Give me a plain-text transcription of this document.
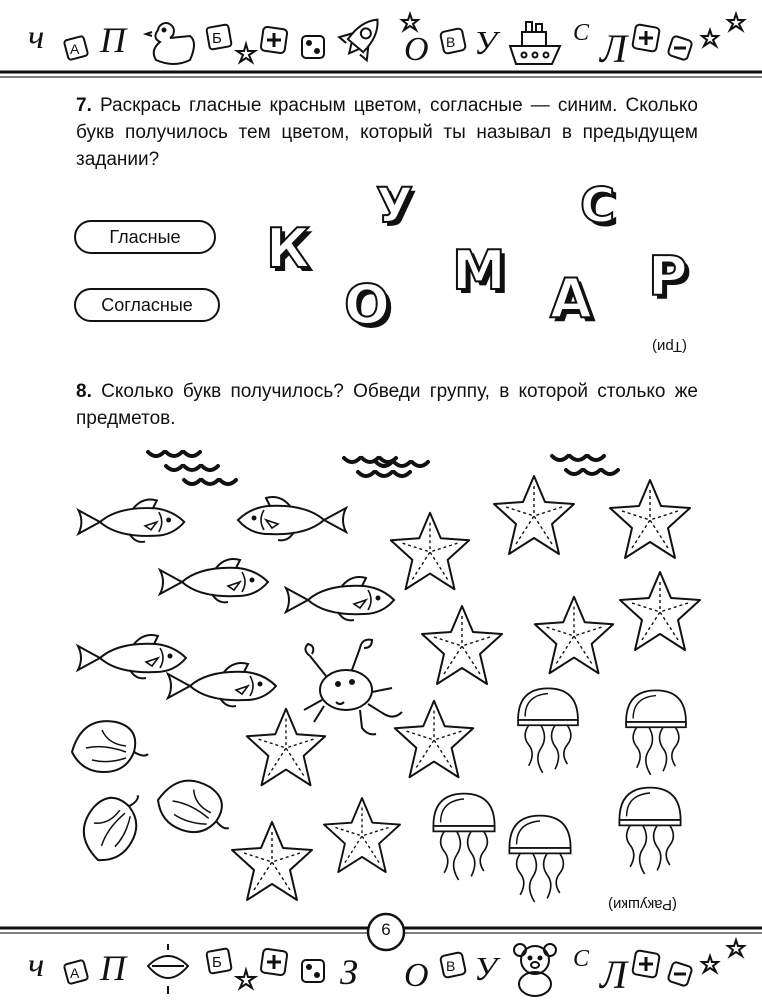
ч А П	Б	О В У	С Л
7. Раскрась гласные красным цветом, согласные — синим. Сколько букв получилось тем цветом, который ты называл в предыдущем задании?
Гласные
Согласные
К
У
О
М
С
А Р
(Три)
8. Сколько букв получилось? Обведи группу, в которой столько же предметов.
(Ракушки)
ч А П	Б	З О В У	С Л
6
